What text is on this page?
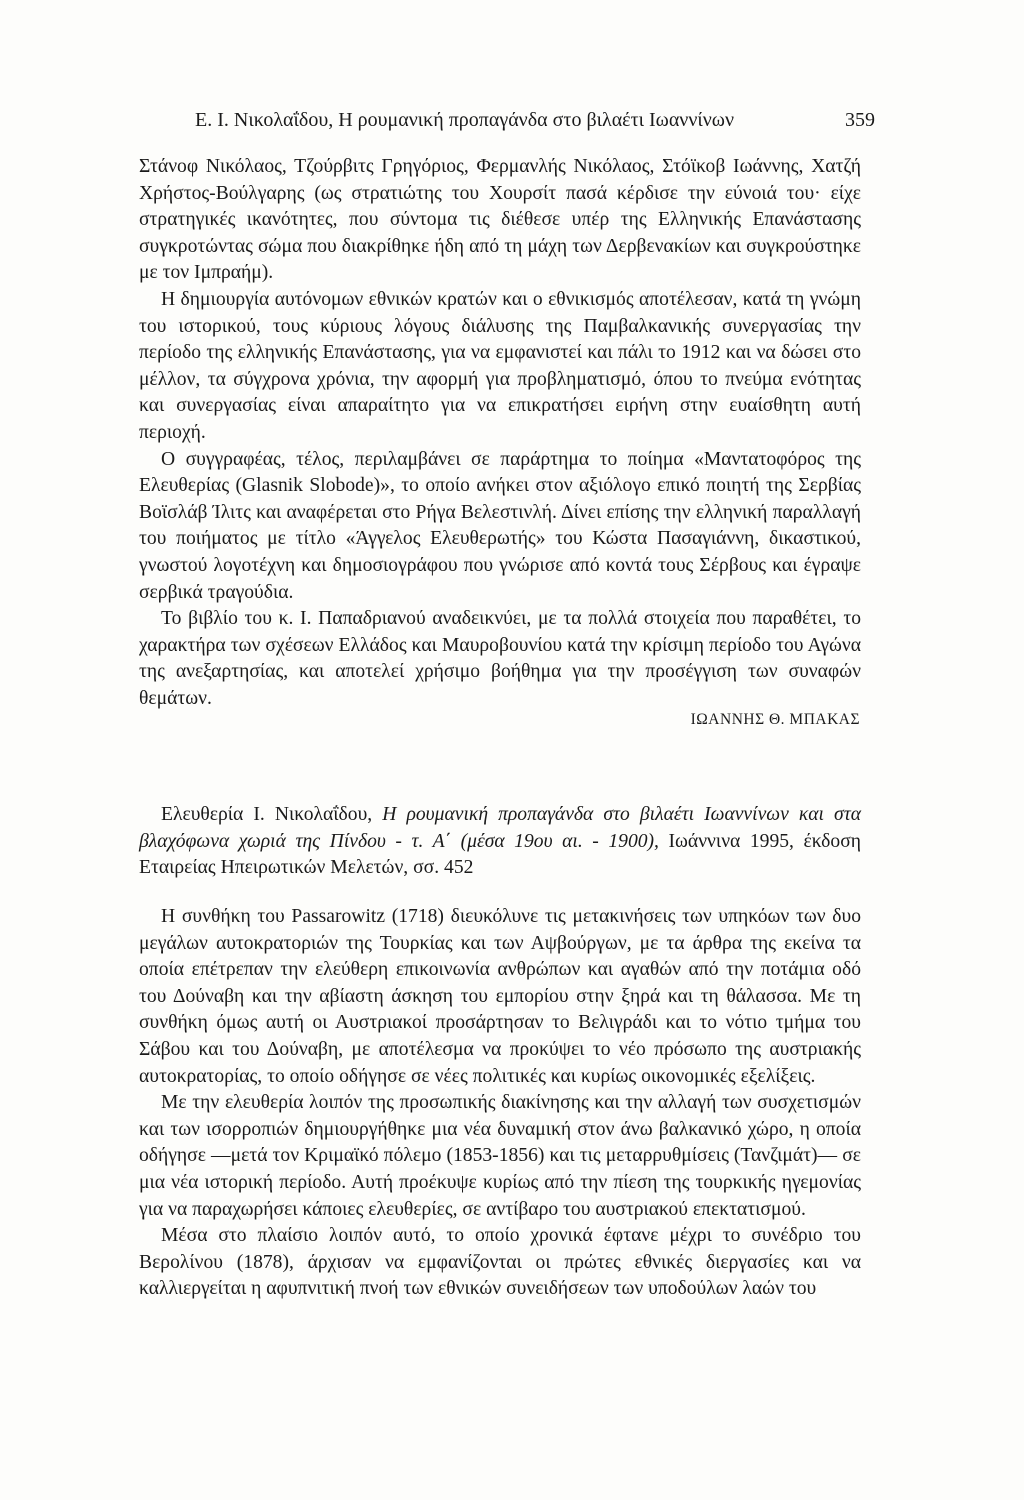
Ε. Ι. Νικολαΐδου, Η ρουμανική προπαγάνδα στο βιλαέτι Ιωαννίνων	359

Στάνοφ Νικόλαος, Τζούρβιτς Γρηγόριος, Φερμανλής Νικόλαος, Στόϊκοβ Ιωάννης, Χατζή Χρήστος-Βούλγαρης (ως στρατιώτης του Χουρσίτ πασά κέρδισε την εύνοιά του· είχε στρατηγικές ικανότητες, που σύντομα τις διέθεσε υπέρ της Ελληνικής Επανάστασης συγκροτώντας σώμα που διακρίθηκε ήδη από τη μάχη των Δερβενακίων και συγκρούστηκε με τον Ιμπραήμ).

Η δημιουργία αυτόνομων εθνικών κρατών και ο εθνικισμός αποτέλεσαν, κατά τη γνώμη του ιστορικού, τους κύριους λόγους διάλυσης της Παμβαλκανικής συνεργασίας την περίοδο της ελληνικής Επανάστασης, για να εμφανιστεί και πάλι το 1912 και να δώσει στο μέλλον, τα σύγχρονα χρόνια, την αφορμή για προβληματισμό, όπου το πνεύμα ενότητας και συνεργασίας είναι απαραίτητο για να επικρατήσει ειρήνη στην ευαίσθητη αυτή περιοχή.

Ο συγγραφέας, τέλος, περιλαμβάνει σε παράρτημα το ποίημα «Μαντατοφόρος της Ελευθερίας (Glasnik Slobode)», το οποίο ανήκει στον αξιόλογο επικό ποιητή της Σερβίας Βοϊσλάβ Ίλιτς και αναφέρεται στο Ρήγα Βελεστινλή. Δίνει επίσης την ελληνική παραλλαγή του ποιήματος με τίτλο «Άγγελος Ελευθερωτής» του Κώστα Πασαγιάννη, δικαστικού, γνωστού λογοτέχνη και δημοσιογράφου που γνώρισε από κοντά τους Σέρβους και έγραψε σερβικά τραγούδια.

Το βιβλίο του κ. Ι. Παπαδριανού αναδεικνύει, με τα πολλά στοιχεία που παραθέτει, το χαρακτήρα των σχέσεων Ελλάδος και Μαυροβουνίου κατά την κρίσιμη περίοδο του Αγώνα της ανεξαρτησίας, και αποτελεί χρήσιμο βοήθημα για την προσέγγιση των συναφών θεμάτων.

ΙΩΑΝΝΗΣ Θ. ΜΠΑΚΑΣ
Ελευθερία Ι. Νικολαΐδου, Η ρουμανική προπαγάνδα στο βιλαέτι Ιωαννίνων και στα βλαχόφωνα χωριά της Πίνδου - τ. Α΄ (μέσα 19ου αι. - 1900), Ιωάννινα 1995, έκδοση Εταιρείας Ηπειρωτικών Μελετών, σσ. 452

Η συνθήκη του Passarowitz (1718) διευκόλυνε τις μετακινήσεις των υπηκόων των δυο μεγάλων αυτοκρατοριών της Τουρκίας και των Αψβούργων, με τα άρθρα της εκείνα τα οποία επέτρεπαν την ελεύθερη επικοινωνία ανθρώπων και αγαθών από την ποτάμια οδό του Δούναβη και την αβίαστη άσκηση του εμπορίου στην ξηρά και τη θάλασσα. Με τη συνθήκη όμως αυτή οι Αυστριακοί προσάρτησαν το Βελιγράδι και το νότιο τμήμα του Σάβου και του Δούναβη, με αποτέλεσμα να προκύψει το νέο πρόσωπο της αυστριακής αυτοκρατορίας, το οποίο οδήγησε σε νέες πολιτικές και κυρίως οικονομικές εξελίξεις.

Με την ελευθερία λοιπόν της προσωπικής διακίνησης και την αλλαγή των συσχετισμών και των ισορροπιών δημιουργήθηκε μια νέα δυναμική στον άνω βαλκανικό χώρο, η οποία οδήγησε —μετά τον Κριμαϊκό πόλεμο (1853-1856) και τις μεταρρυθμίσεις (Τανζιμάτ)— σε μια νέα ιστορική περίοδο. Αυτή προέκυψε κυρίως από την πίεση της τουρκικής ηγεμονίας για να παραχωρήσει κάποιες ελευθερίες, σε αντίβαρο του αυστριακού επεκτατισμού.

Μέσα στο πλαίσιο λοιπόν αυτό, το οποίο χρονικά έφτανε μέχρι το συνέδριο του Βερολίνου (1878), άρχισαν να εμφανίζονται οι πρώτες εθνικές διεργασίες και να καλλιεργείται η αφυπνιτική πνοή των εθνικών συνειδήσεων των υποδούλων λαών του
